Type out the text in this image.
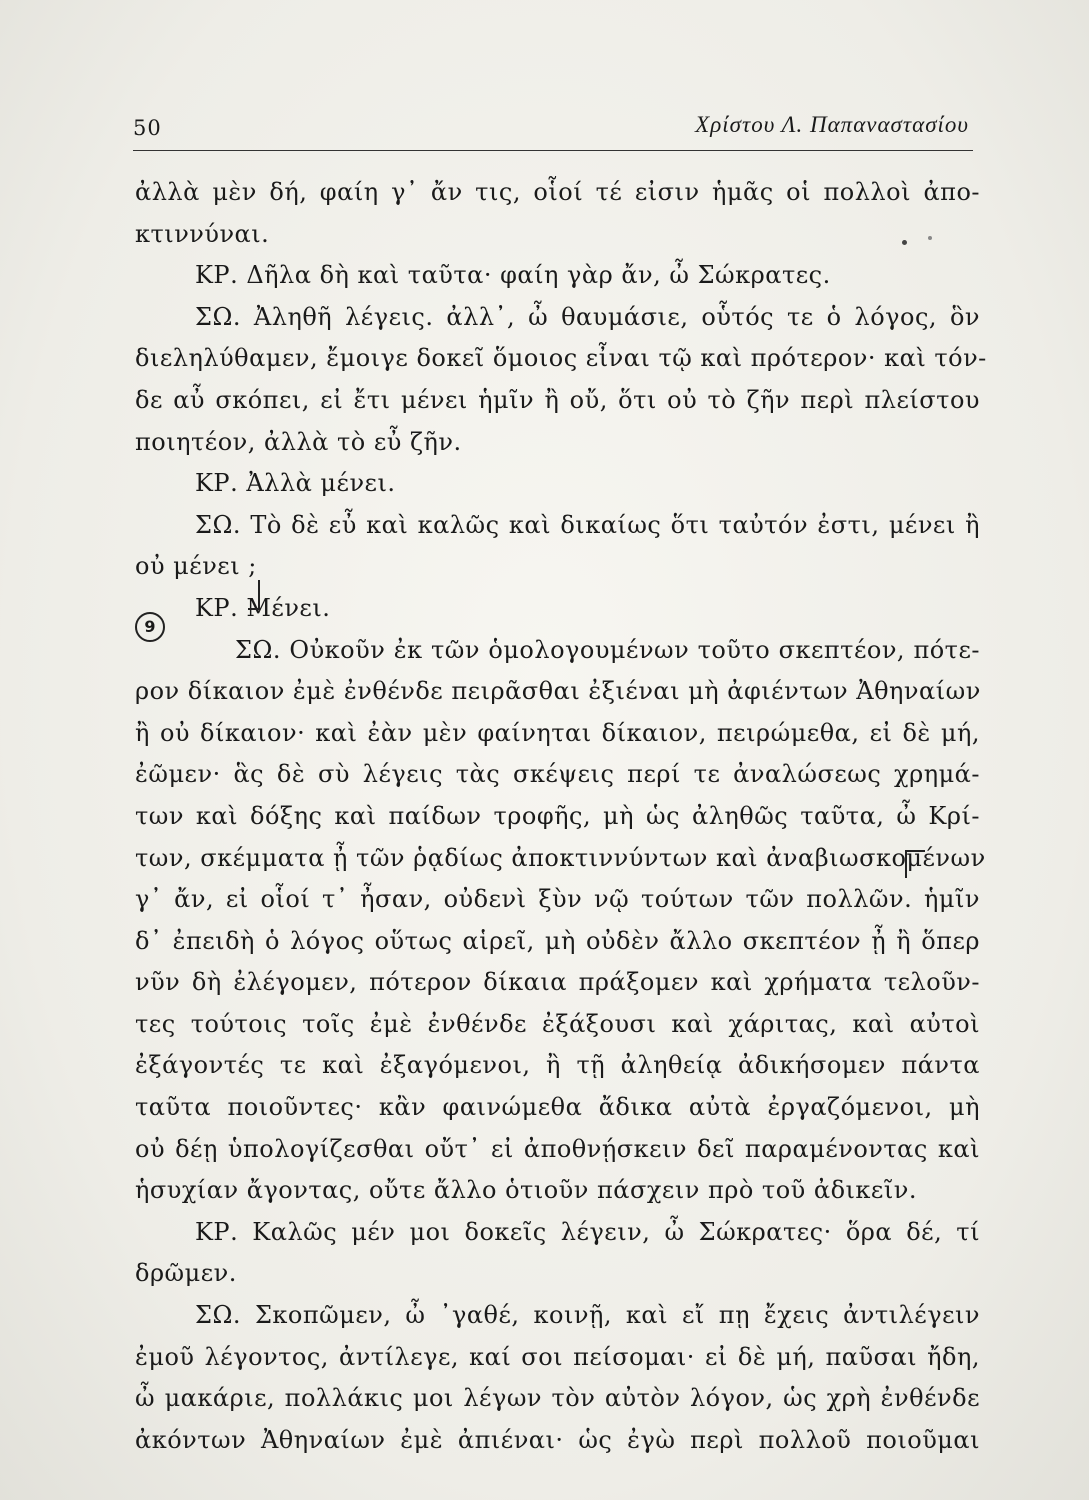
50	Χρίστου Λ. Παπαναστασίου
ἀλλὰ μὲν δή, φαίη γ᾿ ἄν τις, οἷοί τέ εἰσιν ἡμᾶς οἱ πολλοὶ ἀπο-
κτιννύναι.
ΚΡ. Δῆλα δὴ καὶ ταῦτα· φαίη γὰρ ἄν, ὦ Σώκρατες.
ΣΩ. Ἀληθῆ λέγεις. ἀλλ᾿, ὦ θαυμάσιε, οὗτός τε ὁ λόγος, ὃν
διεληλύθαμεν, ἔμοιγε δοκεῖ ὅμοιος εἶναι τῷ καὶ πρότερον· καὶ τόν-
δε αὖ σκόπει, εἰ ἔτι μένει ἡμῖν ἢ οὔ, ὅτι οὐ τὸ ζῆν περὶ πλείστου
ποιητέον, ἀλλὰ τὸ εὖ ζῆν.
ΚΡ. Ἀλλὰ μένει.
ΣΩ. Τὸ δὲ εὖ καὶ καλῶς καὶ δικαίως ὅτι ταὐτόν ἐστι, μένει ἢ
οὐ μένει ;
ΚΡ. Μένει.
ΣΩ. Οὐκοῦν ἐκ τῶν ὁμολογουμένων τοῦτο σκεπτέον, πότε-
ρον δίκαιον ἐμὲ ἐνθένδε πειρᾶσθαι ἐξιέναι μὴ ἀφιέντων Ἀθηναίων
ἢ οὐ δίκαιον· καὶ ἐὰν μὲν φαίνηται δίκαιον, πειρώμεθα, εἰ δὲ μή,
ἐῶμεν· ἃς δὲ σὺ λέγεις τὰς σκέψεις περί τε ἀναλώσεως χρημά-
των καὶ δόξης καὶ παίδων τροφῆς, μὴ ὡς ἀληθῶς ταῦτα, ὦ Κρί-
των, σκέμματα ᾖ τῶν ῥᾳδίως ἀποκτιννύντων καὶ ἀναβιωσκομένων
γ᾿ ἄν, εἰ οἷοί τ᾿ ἦσαν, οὐδενὶ ξὺν νῷ τούτων τῶν πολλῶν. ἡμῖν
δ᾿ ἐπειδὴ ὁ λόγος οὕτως αἱρεῖ, μὴ οὐδὲν ἄλλο σκεπτέον ᾖ ἢ ὅπερ
νῦν δὴ ἐλέγομεν, πότερον δίκαια πράξομεν καὶ χρήματα τελοῦν-
τες τούτοις τοῖς ἐμὲ ἐνθένδε ἐξάξουσι καὶ χάριτας, καὶ αὐτοὶ
ἐξάγοντές τε καὶ ἐξαγόμενοι, ἢ τῇ ἀληθείᾳ ἀδικήσομεν πάντα
ταῦτα ποιοῦντες· κἂν φαινώμεθα ἄδικα αὐτὰ ἐργαζόμενοι, μὴ
οὐ δέῃ ὑπολογίζεσθαι οὔτ᾿ εἰ ἀποθνῄσκειν δεῖ παραμένοντας καὶ
ἡσυχίαν ἄγοντας, οὔτε ἄλλο ὁτιοῦν πάσχειν πρὸ τοῦ ἀδικεῖν.
ΚΡ. Καλῶς μέν μοι δοκεῖς λέγειν, ὦ Σώκρατες· ὅρα δέ, τί
δρῶμεν.
ΣΩ. Σκοπῶμεν, ὦ ᾿γαθέ, κοινῇ, καὶ εἴ πῃ ἔχεις ἀντιλέγειν
ἐμοῦ λέγοντος, ἀντίλεγε, καί σοι πείσομαι· εἰ δὲ μή, παῦσαι ἤδη,
ὦ μακάριε, πολλάκις μοι λέγων τὸν αὐτὸν λόγον, ὡς χρὴ ἐνθένδε
ἀκόντων Ἀθηναίων ἐμὲ ἀπιέναι· ὡς ἐγὼ περὶ πολλοῦ ποιοῦμαι
9
